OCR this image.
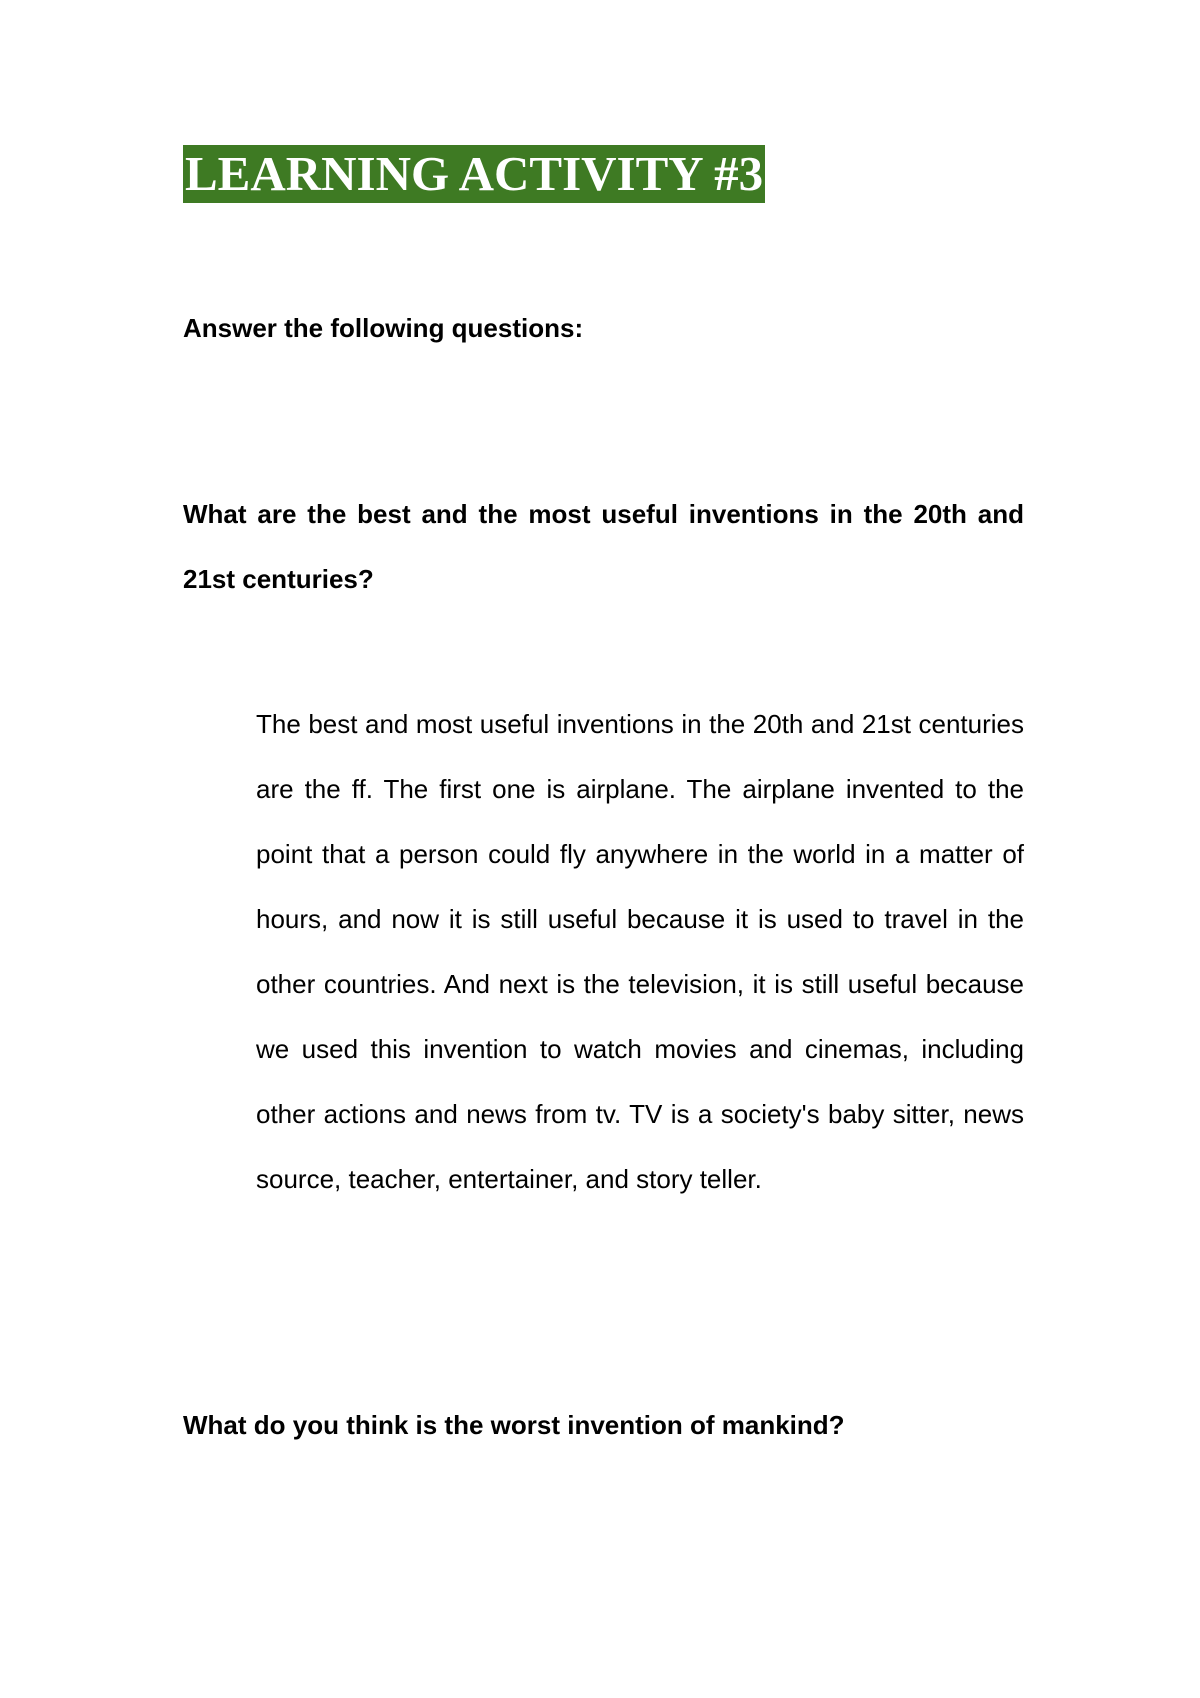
LEARNING ACTIVITY #3
Answer the following questions:
What are the best and the most useful inventions in the 20th and 21st centuries?
The best and most useful inventions in the 20th and 21st centuries are the ff. The first one is airplane. The airplane invented to the point that a person could fly anywhere in the world in a matter of hours, and now it is still useful because it is used to travel in the other countries. And next is the television, it is still useful because we used this invention to watch movies and cinemas, including other actions and news from tv. TV is a society's baby sitter, news source, teacher, entertainer, and story teller.
What do you think is the worst invention of mankind?
